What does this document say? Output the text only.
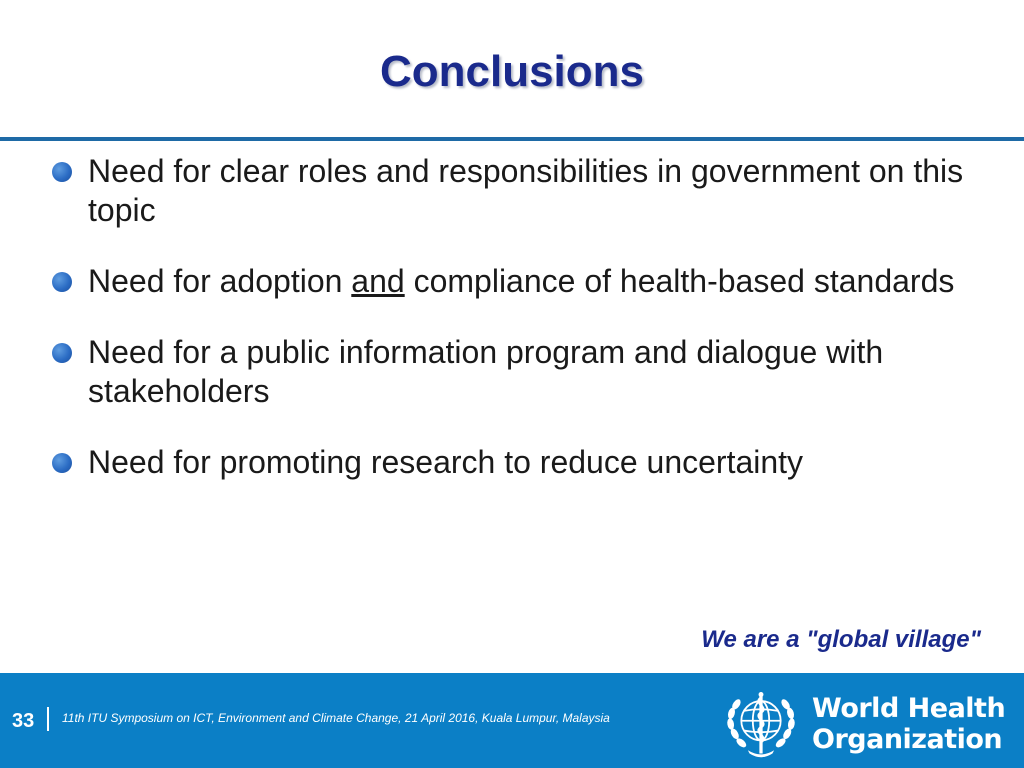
Conclusions
Need for clear roles and responsibilities in government on this topic
Need for adoption and compliance of health-based standards
Need for a public information program and dialogue with stakeholders
Need for promoting research to reduce uncertainty
We are a "global village"
33 11th ITU Symposium on ICT, Environment and Climate Change, 21 April 2016, Kuala Lumpur, Malaysia	World Health
Organization
